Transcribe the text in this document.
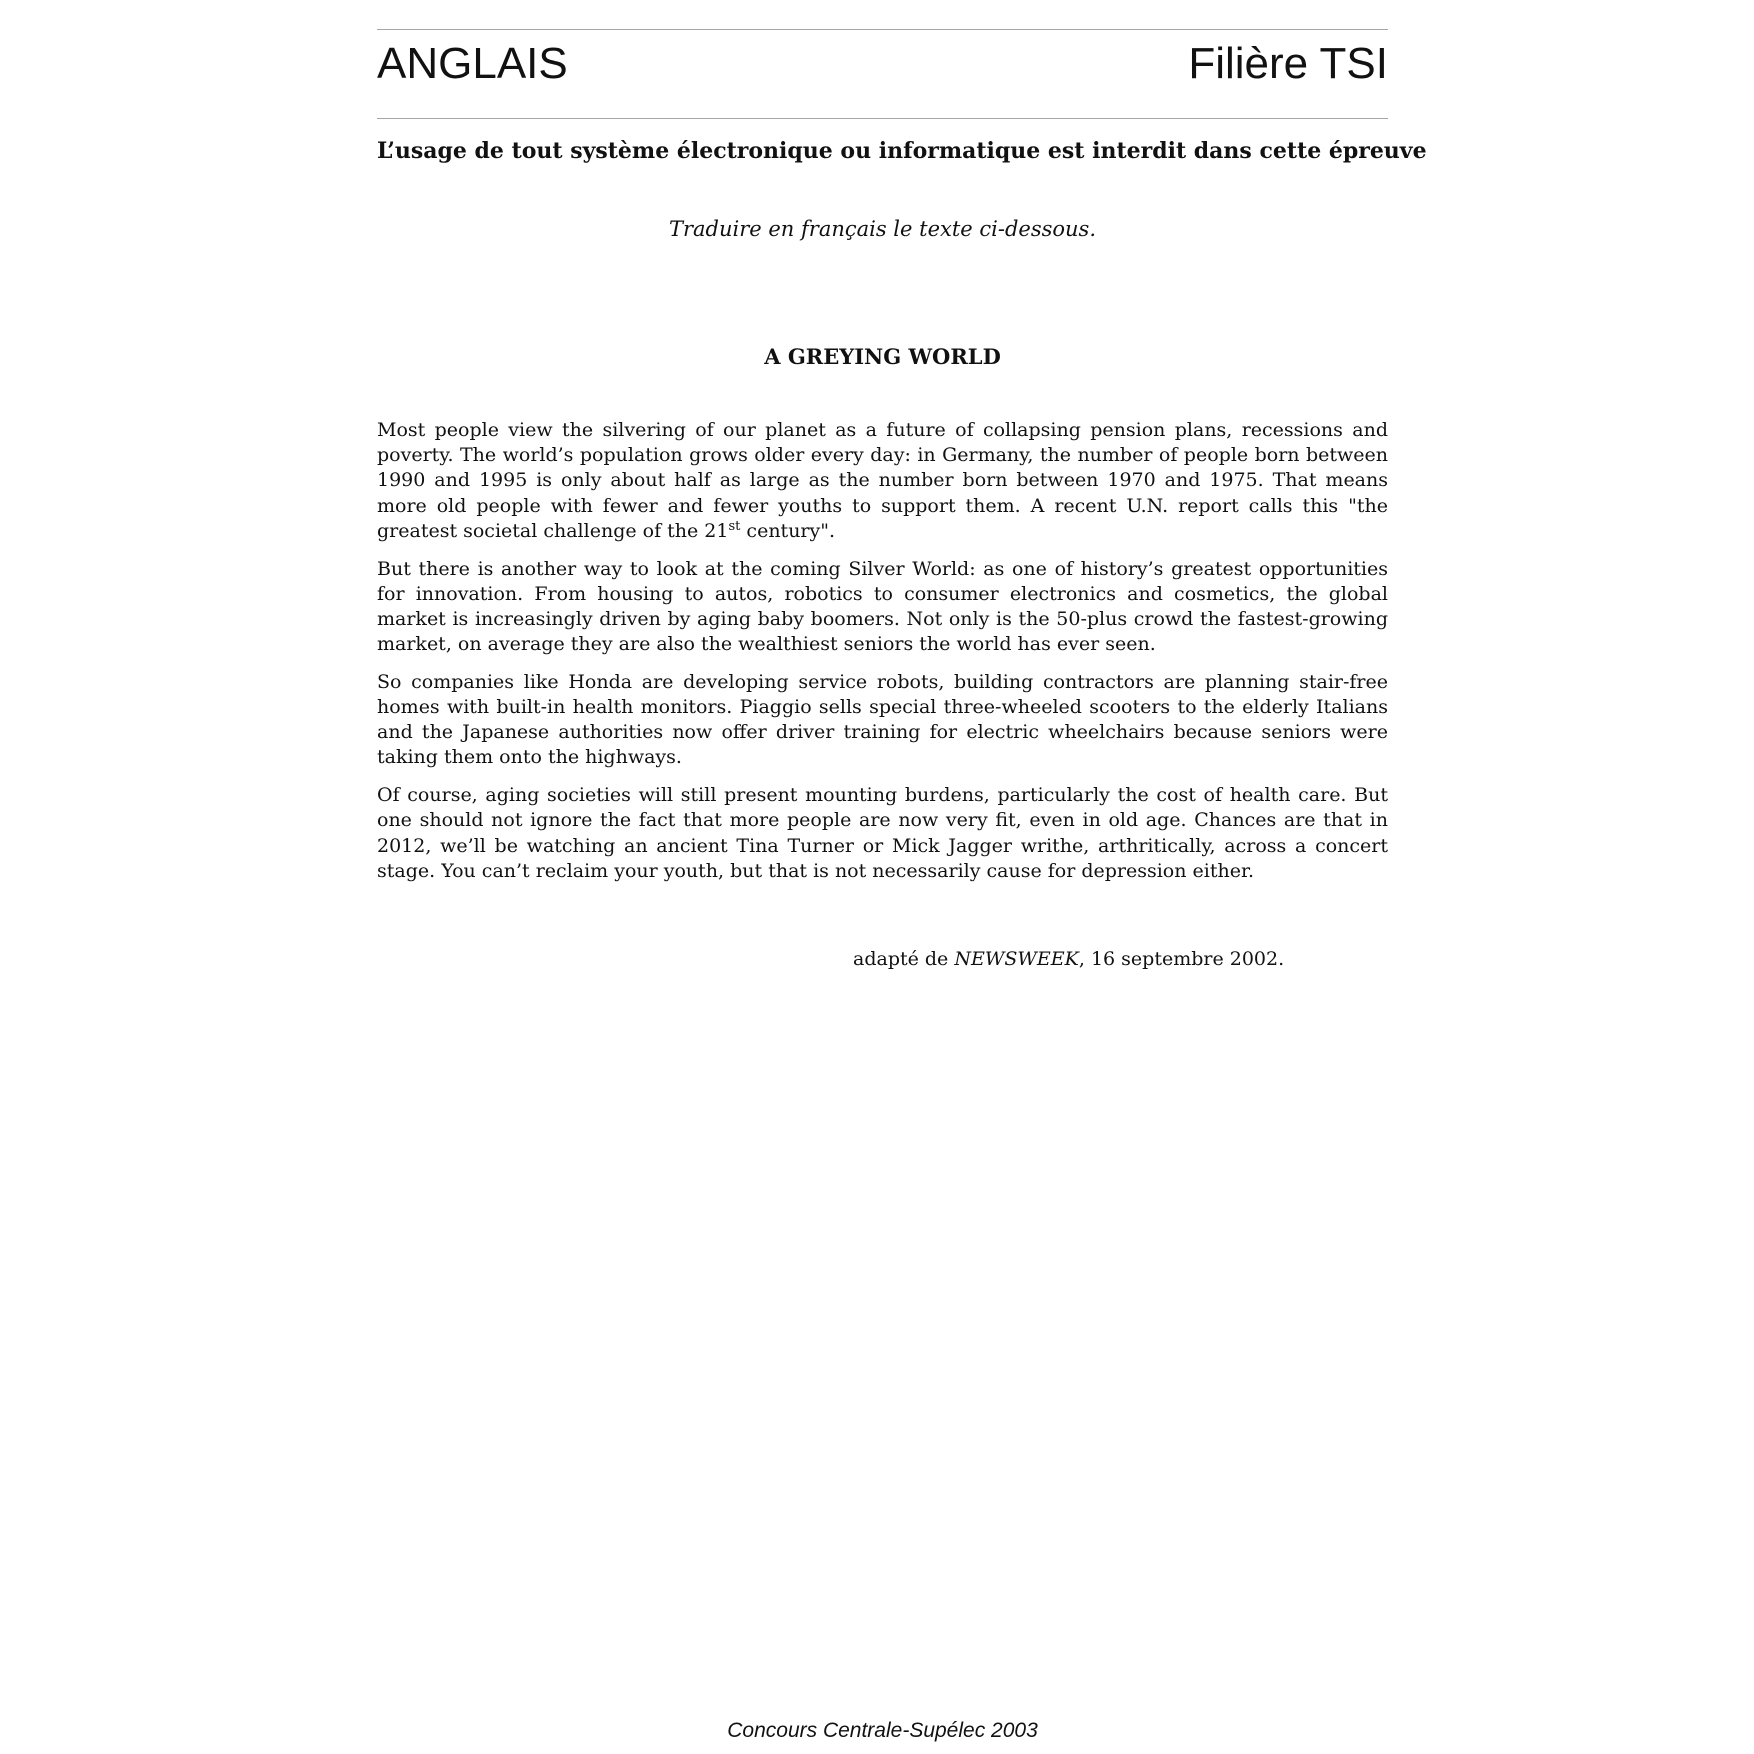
ANGLAIS	Filière TSI
L’usage de tout système électronique ou informatique est interdit dans cette épreuve
Traduire en français le texte ci-dessous.
A GREYING WORLD

Most people view the silvering of our planet as a future of collapsing pension plans, recessions and poverty. The world’s population grows older every day: in Germany, the number of people born between 1990 and 1995 is only about half as large as the number born between 1970 and 1975. That means more old people with fewer and fewer youths to support them. A recent U.N. report calls this "the greatest societal challenge of the 21st century".

But there is another way to look at the coming Silver World: as one of history’s greatest opportunities for innovation. From housing to autos, robotics to consumer electronics and cosmetics, the global market is increasingly driven by aging baby boomers. Not only is the 50-plus crowd the fastest-growing market, on average they are also the wealthiest seniors the world has ever seen.

So companies like Honda are developing service robots, building contractors are planning stair-free homes with built-in health monitors. Piaggio sells special three-wheeled scooters to the elderly Italians and the Japanese authorities now offer driver training for electric wheelchairs because seniors were taking them onto the highways.

Of course, aging societies will still present mounting burdens, particularly the cost of health care. But one should not ignore the fact that more people are now very fit, even in old age. Chances are that in 2012, we’ll be watching an ancient Tina Turner or Mick Jagger writhe, arthritically, across a concert stage. You can’t reclaim your youth, but that is not necessarily cause for depression either.

adapté de NEWSWEEK, 16 septembre 2002.
Concours Centrale-Supélec 2003
